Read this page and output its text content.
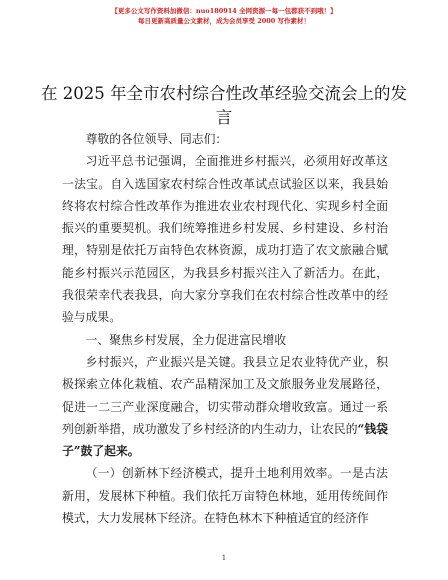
【更多公文写作资料加微信：nuo180914 全网资源一每一包都获不到哦！】
每日更新高质量公文素材，成为会员享受 2000 写作素材！
在 2025 年全市农村综合性改革经验交流会上的发言

尊敬的各位领导、同志们：

习近平总书记强调，全面推进乡村振兴，必须用好改革这一法宝。自入选国家农村综合性改革试点试验区以来，我县始终将农村综合性改革作为推进农业农村现代化、实现乡村全面振兴的重要契机。我们统筹推进乡村发展、乡村建设、乡村治理，特别是依托万亩特色农林资源，成功打造了农文旅融合赋能乡村振兴示范园区，为我县乡村振兴注入了新活力。在此，我很荣幸代表我县，向大家分享我们在农村综合性改革中的经验与成果。

一、聚焦乡村发展，全力促进富民增收

乡村振兴，产业振兴是关键。我县立足农业特优产业，积极探索立体化栽植、农产品精深加工及文旅服务业发展路径，促进一二三产业深度融合，切实带动群众增收致富。通过一系列创新举措，成功激发了乡村经济的内生动力，让农民的“钱袋子”鼓了起来。

（一）创新林下经济模式，提升土地利用效率。一是古法新用，发展林下种植。我们依托万亩特色林地，延用传统间作模式，大力发展林下经济。在特色林木下种植适宜的经济作

1
